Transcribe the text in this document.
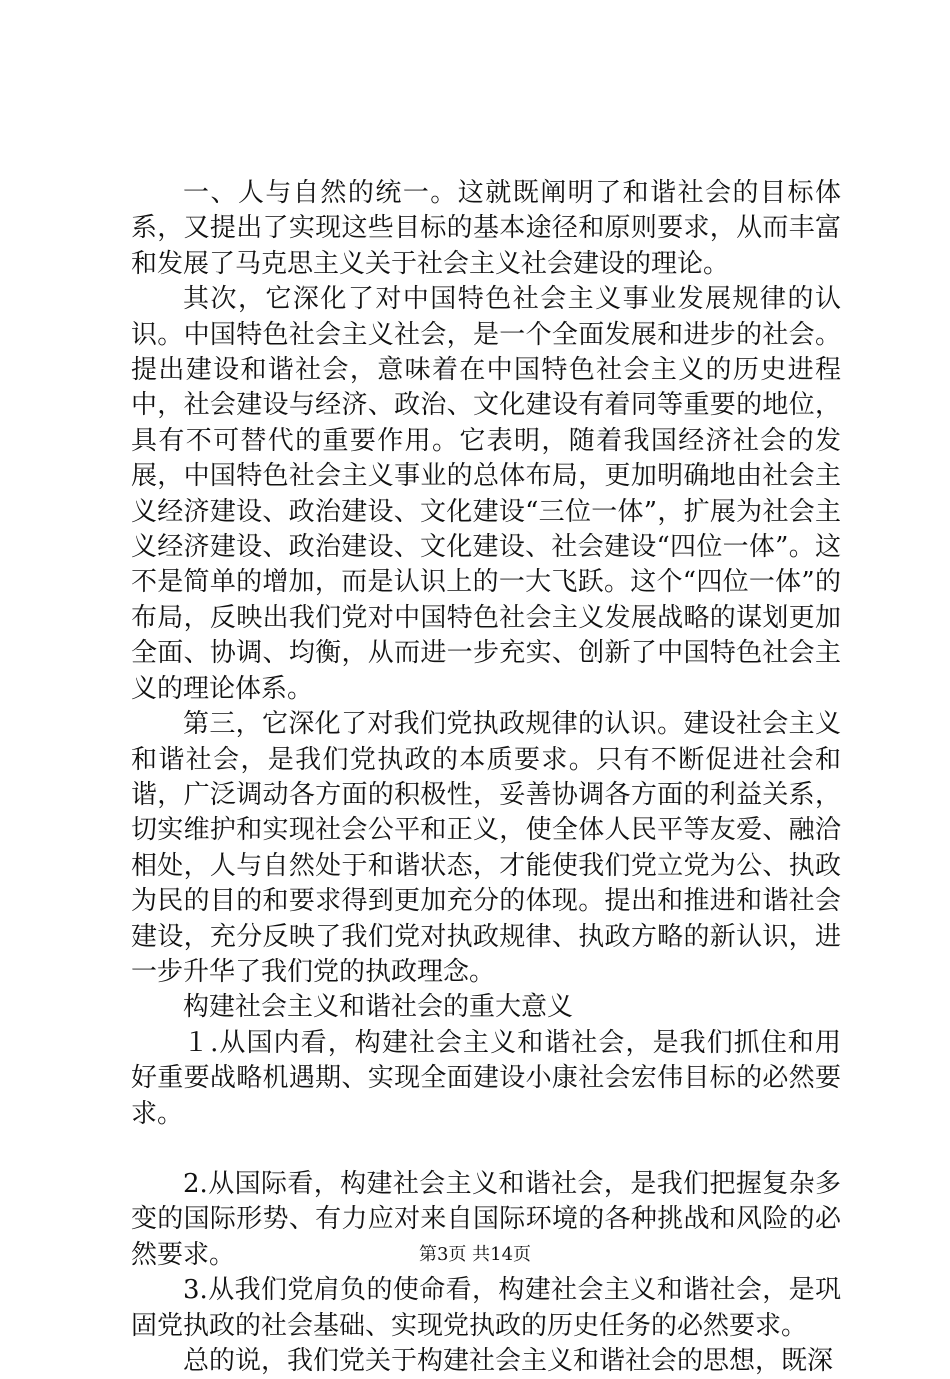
一、人与自然的统一。这就既阐明了和谐社会的目标体系，又提出了实现这些目标的基本途径和原则要求，从而丰富和发展了马克思主义关于社会主义社会建设的理论。

其次，它深化了对中国特色社会主义事业发展规律的认识。中国特色社会主义社会，是一个全面发展和进步的社会。提出建设和谐社会，意味着在中国特色社会主义的历史进程中，社会建设与经济、政治、文化建设有着同等重要的地位，具有不可替代的重要作用。它表明，随着我国经济社会的发展，中国特色社会主义事业的总体布局，更加明确地由社会主义经济建设、政治建设、文化建设“三位一体”，扩展为社会主义经济建设、政治建设、文化建设、社会建设“四位一体”。这不是简单的增加，而是认识上的一大飞跃。这个“四位一体”的布局，反映出我们党对中国特色社会主义发展战略的谋划更加全面、协调、均衡，从而进一步充实、创新了中国特色社会主义的理论体系。

第三，它深化了对我们党执政规律的认识。建设社会主义和谐社会，是我们党执政的本质要求。只有不断促进社会和谐，广泛调动各方面的积极性，妥善协调各方面的利益关系，切实维护和实现社会公平和正义，使全体人民平等友爱、融洽相处，人与自然处于和谐状态，才能使我们党立党为公、执政为民的目的和要求得到更加充分的体现。提出和推进和谐社会建设，充分反映了我们党对执政规律、执政方略的新认识，进一步升华了我们党的执政理念。

构建社会主义和谐社会的重大意义

１.从国内看，构建社会主义和谐社会，是我们抓住和用好重要战略机遇期、实现全面建设小康社会宏伟目标的必然要求。

2.从国际看，构建社会主义和谐社会，是我们把握复杂多变的国际形势、有力应对来自国际环境的各种挑战和风险的必然要求。

3.从我们党肩负的使命看，构建社会主义和谐社会，是巩固党执政的社会基础、实现党执政的历史任务的必然要求。

总的说，我们党关于构建社会主义和谐社会的思想，既深

第3页 共14页
